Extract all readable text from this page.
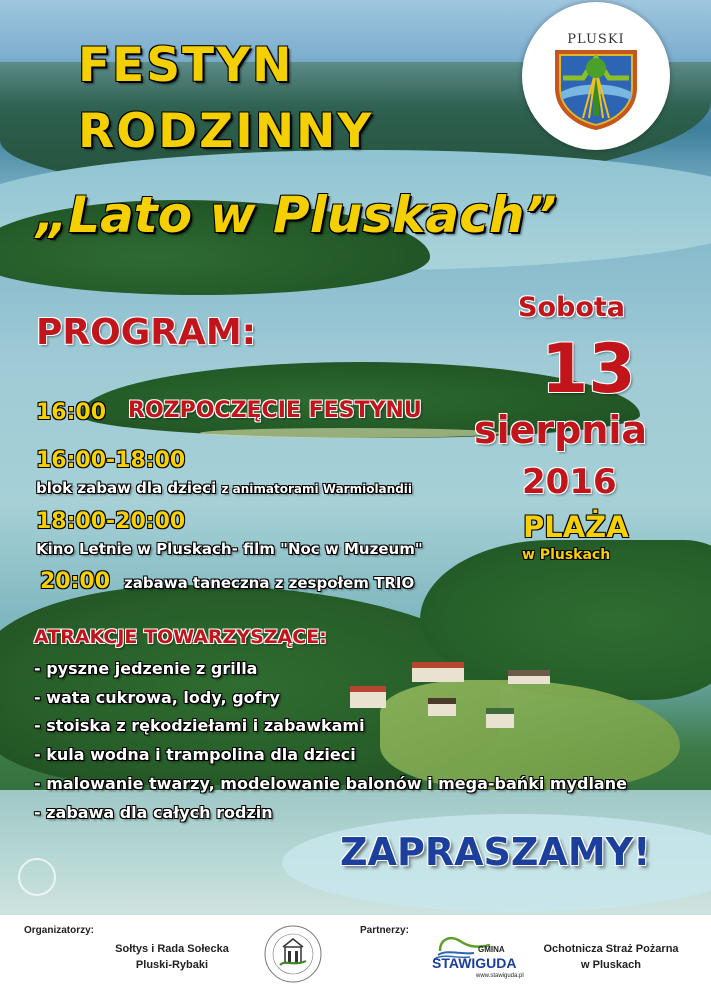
PLUSKI
FESTYN
RODZINNY
„Lato w Pluskach”
PROGRAM:
16:00 ROZPOCZĘCIE FESTYNU
16:00-18:00
blok zabaw dla dzieci z animatorami Warmiolandii
18:00-20:00
Kino Letnie w Pluskach- film "Noc w Muzeum"
20:00 zabawa taneczna z zespołem TRIO
Sobota
13
sierpnia
2016
PLAŻA
w Pluskach
ATRAKCJE TOWARZYSZĄCE:
- pyszne jedzenie z grilla
- wata cukrowa, lody, gofry
- stoiska z rękodziełami i zabawkami
- kula wodna i trampolina dla dzieci
- malowanie twarzy, modelowanie balonów i mega-bańki mydlane
- zabawa dla całych rodzin
ZAPRASZAMY!
Organizatorzy:
Sołtys i Rada Sołecka
Pluski-Rybaki
Partnerzy:
GMINA
STAWIGUDA
www.stawiguda.pl
Ochotnicza Straż Pożarna
w Pluskach
